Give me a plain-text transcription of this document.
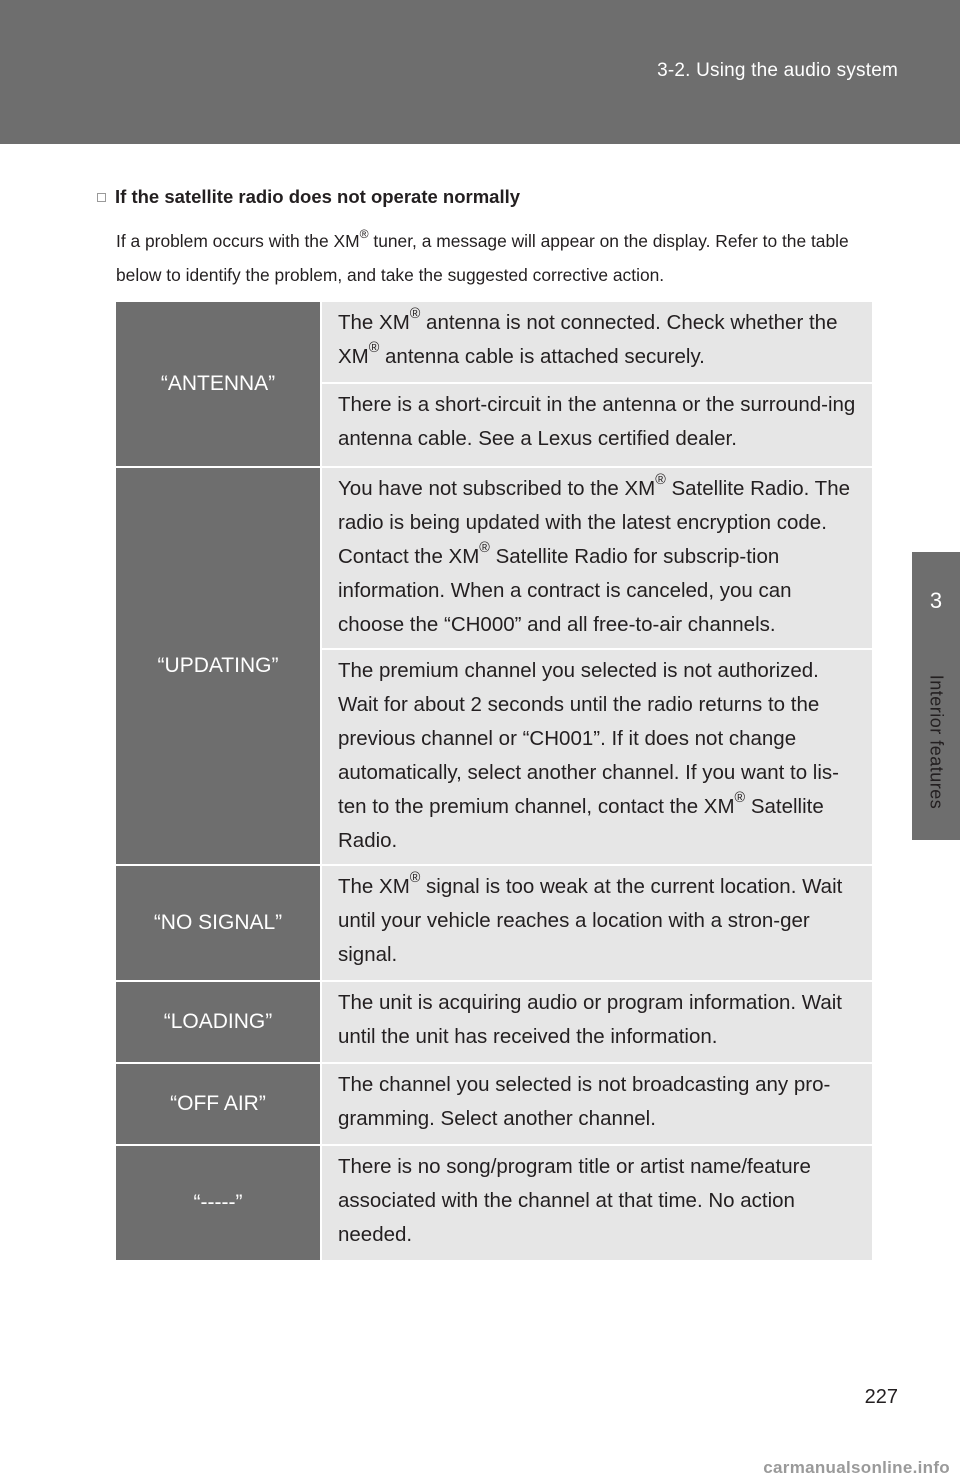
3-2. Using the audio system
3
Interior features
If the satellite radio does not operate normally
If a problem occurs with the XM® tuner, a message will appear on the display. Refer to the table below to identify the problem, and take the suggested corrective action.
“ANTENNA”	The XM® antenna is not connected. Check whether the XM® antenna cable is attached securely.
	There is a short-circuit in the antenna or the surround-ing antenna cable. See a Lexus certified dealer.
“UPDATING”	You have not subscribed to the XM® Satellite Radio. The radio is being updated with the latest encryption code. Contact the XM® Satellite Radio for subscrip-tion information. When a contract is canceled, you can choose the “CH000” and all free-to-air channels.
	The premium channel you selected is not authorized. Wait for about 2 seconds until the radio returns to the previous channel or “CH001”. If it does not change automatically, select another channel. If you want to lis-ten to the premium channel, contact the XM® Satellite Radio.
“NO SIGNAL”	The XM® signal is too weak at the current location. Wait until your vehicle reaches a location with a stron-ger signal.
“LOADING”	The unit is acquiring audio or program information. Wait until the unit has received the information.
“OFF AIR”	The channel you selected is not broadcasting any pro-gramming. Select another channel.
“-----”	There is no song/program title or artist name/feature associated with the channel at that time. No action needed.
227
carmanualsonline.info
